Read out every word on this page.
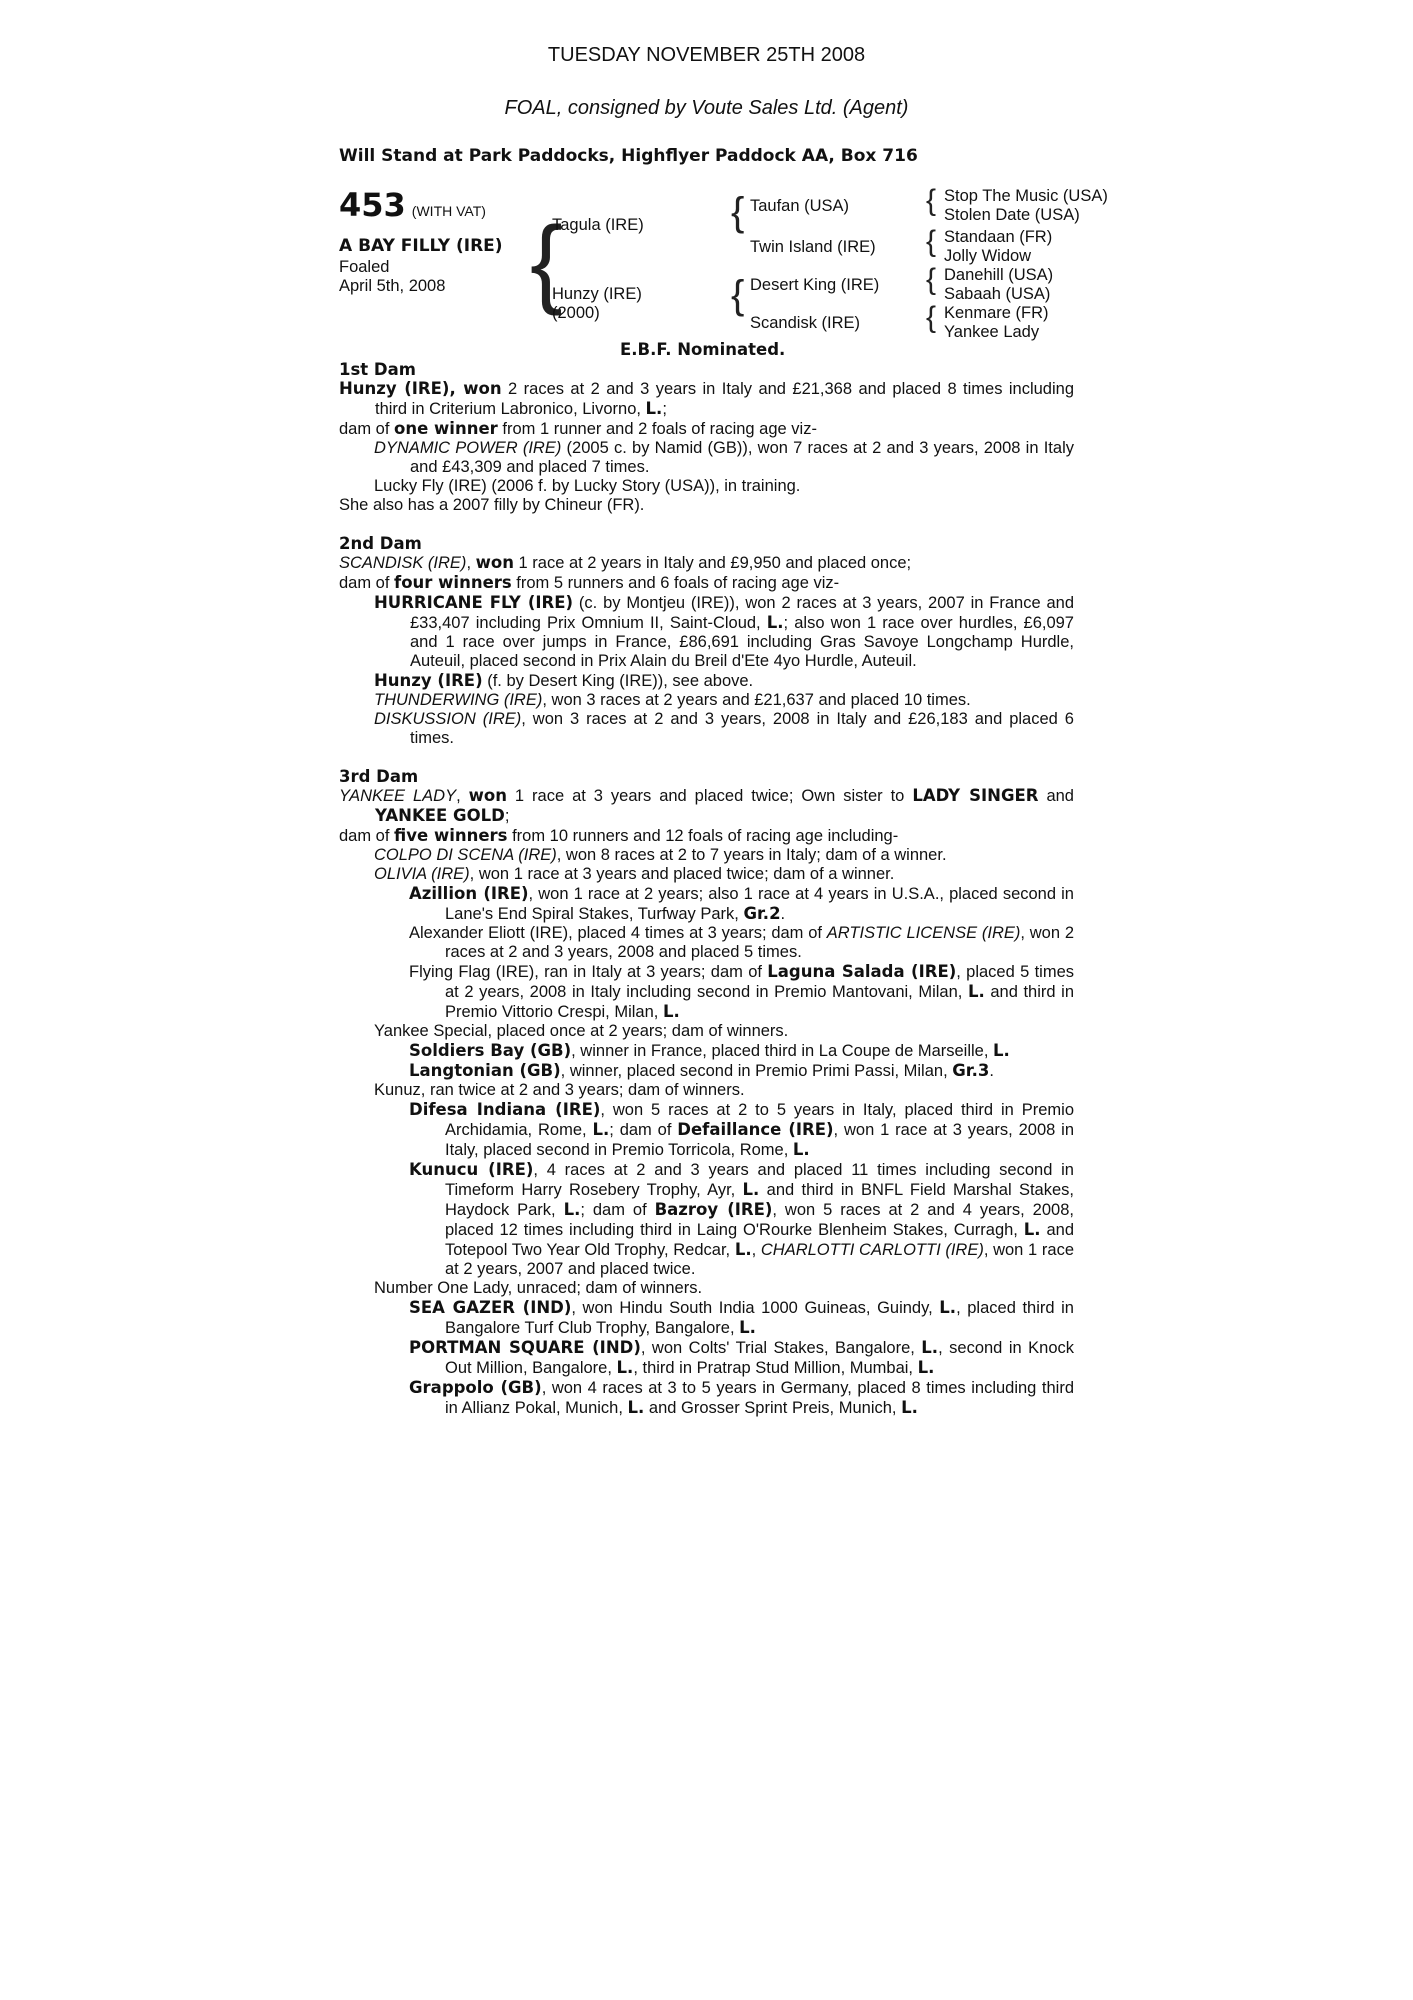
TUESDAY NOVEMBER 25TH 2008
FOAL, consigned by Voute Sales Ltd. (Agent)
Will Stand at Park Paddocks, Highflyer Paddock AA, Box 716
453 (WITH VAT)
A BAY FILLY (IRE)
Foaled
April 5th, 2008 {
Tagula (IRE)
Hunzy (IRE)
(2000)
{ Taufan (USA)
Twin Island (IRE)
{ Desert King (IRE)
Scandisk (IRE)
{ Stop The Music (USA)
Stolen Date (USA)
{ Standaan (FR)
Jolly Widow
{ Danehill (USA)
Sabaah (USA)
{ Kenmare (FR)
Yankee Lady
E.B.F. Nominated.

1st Dam

Hunzy (IRE), won 2 races at 2 and 3 years in Italy and £21,368 and placed 8 times including third in Criterium Labronico, Livorno, L.;

dam of one winner from 1 runner and 2 foals of racing age viz-

DYNAMIC POWER (IRE) (2005 c. by Namid (GB)), won 7 races at 2 and 3 years, 2008 in Italy and £43,309 and placed 7 times.

Lucky Fly (IRE) (2006 f. by Lucky Story (USA)), in training.

She also has a 2007 filly by Chineur (FR).

2nd Dam

SCANDISK (IRE), won 1 race at 2 years in Italy and £9,950 and placed once;

dam of four winners from 5 runners and 6 foals of racing age viz-

HURRICANE FLY (IRE) (c. by Montjeu (IRE)), won 2 races at 3 years, 2007 in France and £33,407 including Prix Omnium II, Saint-Cloud, L.; also won 1 race over hurdles, £6,097 and 1 race over jumps in France, £86,691 including Gras Savoye Longchamp Hurdle, Auteuil, placed second in Prix Alain du Breil d'Ete 4yo Hurdle, Auteuil.

Hunzy (IRE) (f. by Desert King (IRE)), see above.

THUNDERWING (IRE), won 3 races at 2 years and £21,637 and placed 10 times.

DISKUSSION (IRE), won 3 races at 2 and 3 years, 2008 in Italy and £26,183 and placed 6 times.

3rd Dam

YANKEE LADY, won 1 race at 3 years and placed twice; Own sister to LADY SINGER and YANKEE GOLD;

dam of five winners from 10 runners and 12 foals of racing age including-

COLPO DI SCENA (IRE), won 8 races at 2 to 7 years in Italy; dam of a winner.

OLIVIA (IRE), won 1 race at 3 years and placed twice; dam of a winner.

Azillion (IRE), won 1 race at 2 years; also 1 race at 4 years in U.S.A., placed second in Lane's End Spiral Stakes, Turfway Park, Gr.2.

Alexander Eliott (IRE), placed 4 times at 3 years; dam of ARTISTIC LICENSE (IRE), won 2 races at 2 and 3 years, 2008 and placed 5 times.

Flying Flag (IRE), ran in Italy at 3 years; dam of Laguna Salada (IRE), placed 5 times at 2 years, 2008 in Italy including second in Premio Mantovani, Milan, L. and third in Premio Vittorio Crespi, Milan, L.

Yankee Special, placed once at 2 years; dam of winners.

Soldiers Bay (GB), winner in France, placed third in La Coupe de Marseille, L.

Langtonian (GB), winner, placed second in Premio Primi Passi, Milan, Gr.3.

Kunuz, ran twice at 2 and 3 years; dam of winners.

Difesa Indiana (IRE), won 5 races at 2 to 5 years in Italy, placed third in Premio Archidamia, Rome, L.; dam of Defaillance (IRE), won 1 race at 3 years, 2008 in Italy, placed second in Premio Torricola, Rome, L.

Kunucu (IRE), 4 races at 2 and 3 years and placed 11 times including second in Timeform Harry Rosebery Trophy, Ayr, L. and third in BNFL Field Marshal Stakes, Haydock Park, L.; dam of Bazroy (IRE), won 5 races at 2 and 4 years, 2008, placed 12 times including third in Laing O'Rourke Blenheim Stakes, Curragh, L. and Totepool Two Year Old Trophy, Redcar, L., CHARLOTTI CARLOTTI (IRE), won 1 race at 2 years, 2007 and placed twice.

Number One Lady, unraced; dam of winners.

SEA GAZER (IND), won Hindu South India 1000 Guineas, Guindy, L., placed third in Bangalore Turf Club Trophy, Bangalore, L.

PORTMAN SQUARE (IND), won Colts' Trial Stakes, Bangalore, L., second in Knock Out Million, Bangalore, L., third in Pratrap Stud Million, Mumbai, L.

Grappolo (GB), won 4 races at 3 to 5 years in Germany, placed 8 times including third in Allianz Pokal, Munich, L. and Grosser Sprint Preis, Munich, L.
